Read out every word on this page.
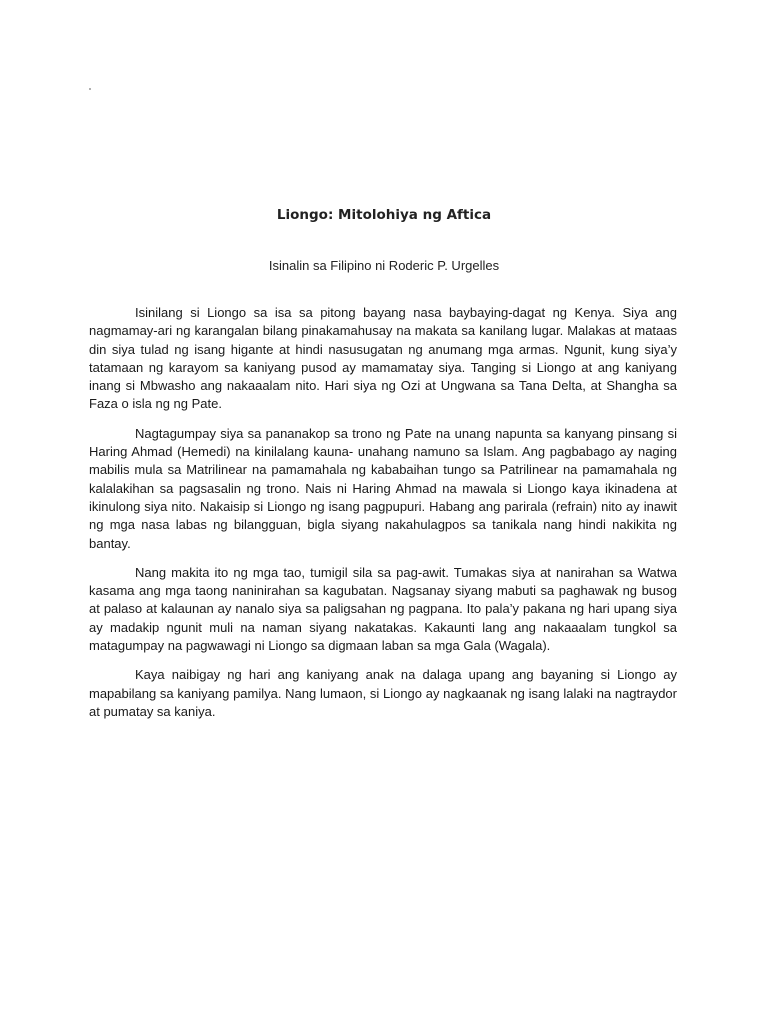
Liongo: Mitolohiya ng Aftica
Isinalin sa Filipino ni Roderic P. Urgelles

Isinilang si Liongo sa isa sa pitong bayang nasa baybaying-dagat ng Kenya. Siya ang nagmamay-ari ng karangalan bilang pinakamahusay na makata sa kanilang lugar. Malakas at mataas din siya tulad ng isang higante at hindi nasusugatan ng anumang mga armas. Ngunit, kung siya’y tatamaan ng karayom sa kaniyang pusod ay mamamatay siya. Tanging si Liongo at ang kaniyang inang si Mbwasho ang nakaaalam nito. Hari siya ng Ozi at Ungwana sa Tana Delta, at Shangha sa Faza o isla ng ng Pate.

Nagtagumpay siya sa pananakop sa trono ng Pate na unang napunta sa kanyang pinsang si Haring Ahmad (Hemedi) na kinilalang kauna- unahang namuno sa Islam. Ang pagbabago ay naging mabilis mula sa Matrilinear na pamamahala ng kababaihan tungo sa Patrilinear na pamamahala ng kalalakihan sa pagsasalin ng trono. Nais ni Haring Ahmad na mawala si Liongo kaya ikinadena at ikinulong siya nito. Nakaisip si Liongo ng isang pagpupuri. Habang ang parirala (refrain) nito ay inawit ng mga nasa labas ng bilangguan, bigla siyang nakahulagpos sa tanikala nang hindi nakikita ng bantay.

Nang makita ito ng mga tao, tumigil sila sa pag-awit. Tumakas siya at nanirahan sa Watwa kasama ang mga taong naninirahan sa kagubatan. Nagsanay siyang mabuti sa paghawak ng busog at palaso at kalaunan ay nanalo siya sa paligsahan ng pagpana. Ito pala’y pakana ng hari upang siya ay madakip ngunit muli na naman siyang nakatakas. Kakaunti lang ang nakaaalam tungkol sa matagumpay na pagwawagi ni Liongo sa digmaan laban sa mga Gala (Wagala).

Kaya naibigay ng hari ang kaniyang anak na dalaga upang ang bayaning si Liongo ay mapabilang sa kaniyang pamilya. Nang lumaon, si Liongo ay nagkaanak ng isang lalaki na nagtraydor at pumatay sa kaniya.
